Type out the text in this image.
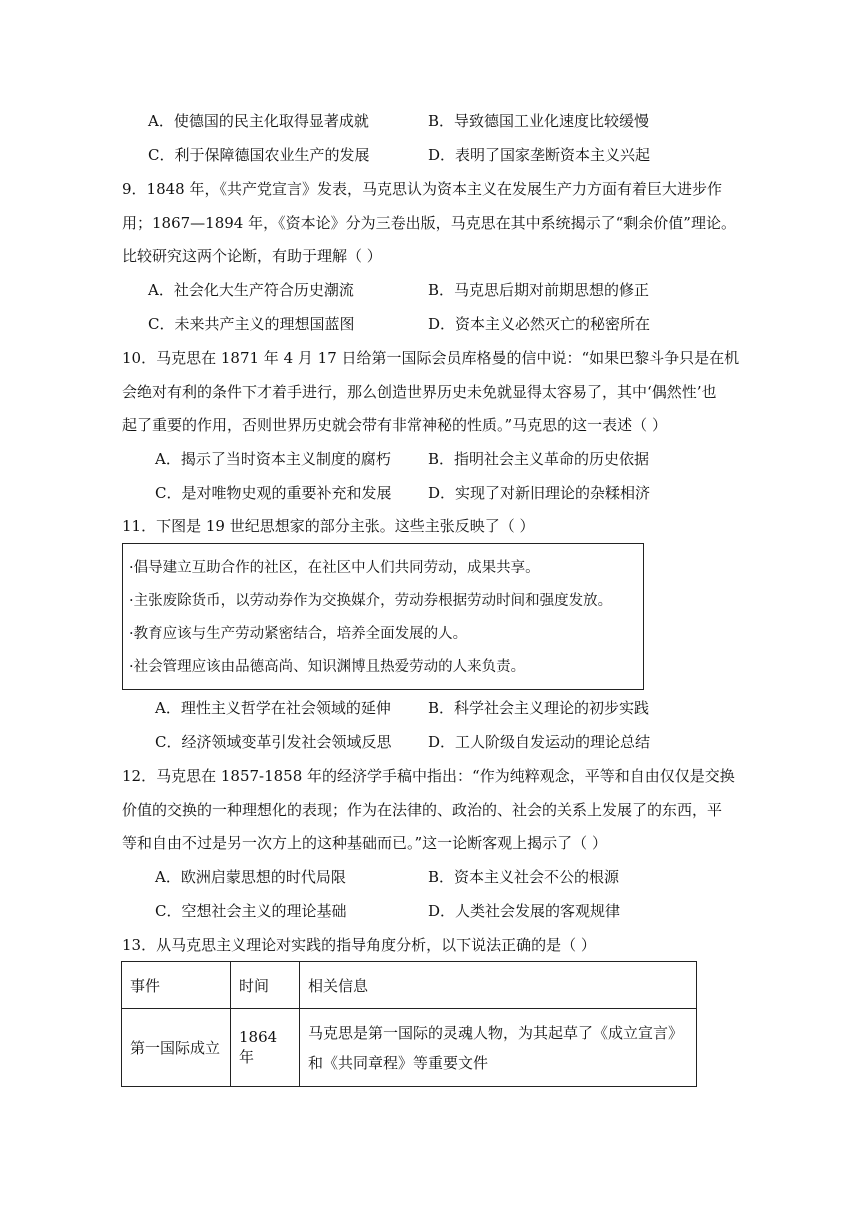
A．使德国的民主化取得显著成就	B．导致德国工业化速度比较缓慢
C．利于保障德国农业生产的发展	D．表明了国家垄断资本主义兴起
9．1848 年，《共产党宣言》发表，马克思认为资本主义在发展生产力方面有着巨大进步作
用；1867—1894 年，《资本论》分为三卷出版，马克思在其中系统揭示了“剩余价值”理论。
比较研究这两个论断，有助于理解（ ）
A．社会化大生产符合历史潮流	B．马克思后期对前期思想的修正
C．未来共产主义的理想国蓝图	D．资本主义必然灭亡的秘密所在
10．马克思在 1871 年 4 月 17 日给第一国际会员库格曼的信中说：“如果巴黎斗争只是在机
会绝对有利的条件下才着手进行，那么创造世界历史未免就显得太容易了，其中‘偶然性’也
起了重要的作用，否则世界历史就会带有非常神秘的性质。”马克思的这一表述（ ）
A．揭示了当时资本主义制度的腐朽 B．指明社会主义革命的历史依据
C．是对唯物史观的重要补充和发展 D．实现了对新旧理论的杂糅相济
11．下图是 19 世纪思想家的部分主张。这些主张反映了（ ）
·倡导建立互助合作的社区，在社区中人们共同劳动，成果共享。
·主张废除货币，以劳动券作为交换媒介，劳动券根据劳动时间和强度发放。
·教育应该与生产劳动紧密结合，培养全面发展的人。
·社会管理应该由品德高尚、知识渊博且热爱劳动的人来负责。
A．理性主义哲学在社会领域的延伸 B．科学社会主义理论的初步实践
C．经济领域变革引发社会领域反思 D．工人阶级自发运动的理论总结
12．马克思在 1857-1858 年的经济学手稿中指出：“作为纯粹观念，平等和自由仅仅是交换
价值的交换的一种理想化的表现；作为在法律的、政治的、社会的关系上发展了的东西，平
等和自由不过是另一次方上的这种基础而已。”这一论断客观上揭示了（ ）
A．欧洲启蒙思想的时代局限	B．资本主义社会不公的根源
C．空想社会主义的理论基础	D．人类社会发展的客观规律
13．从马克思主义理论对实践的指导角度分析，以下说法正确的是（ ）
事件	时间	相关信息
第一国际成立	1864 年	马克思是第一国际的灵魂人物，为其起草了《成立宣言》
和《共同章程》等重要文件
